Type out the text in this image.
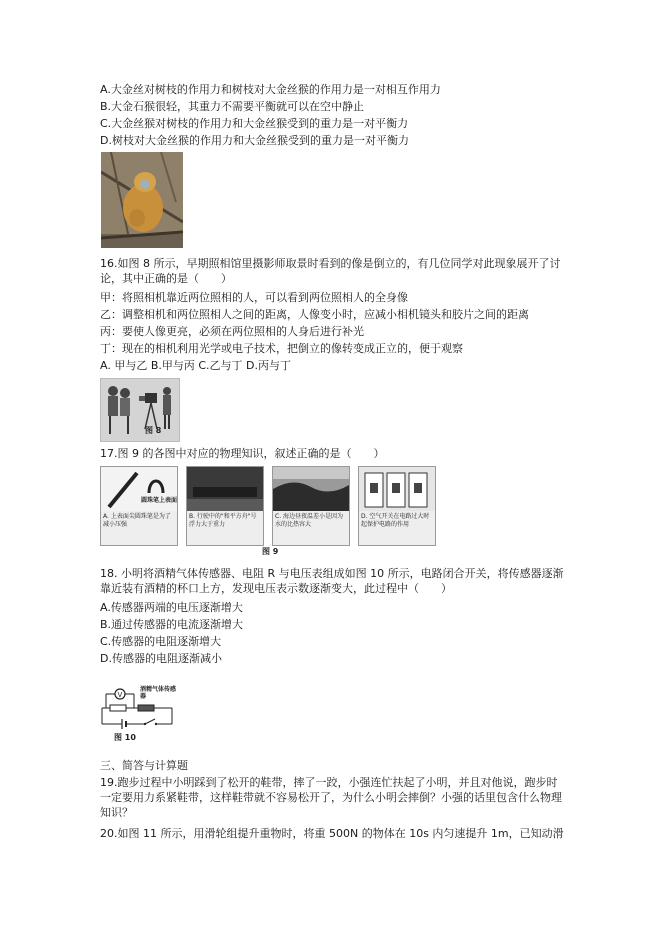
A.大金丝对树枝的作用力和树枝对大金丝猴的作用力是一对相互作用力
B.大金石猴很轻，其重力不需要平衡就可以在空中静止
C.大金丝猴对树枝的作用力和大金丝猴受到的重力是一对平衡力
D.树枝对大金丝猴的作用力和大金丝猴受到的重力是一对平衡力
16.如图 8 所示，早期照相馆里摄影师取景时看到的像是倒立的，有几位同学对此现象展开了讨论，其中正确的是（　　）
甲：将照相机靠近两位照相的人，可以看到两位照相人的全身像
乙：调整相机和两位照相人之间的距离，人像变小时，应减小相机镜头和胶片之间的距离
丙：要使人像更亮，必须在两位照相的人身后进行补光
丁：现在的相机利用光学或电子技术，把倒立的像转变成正立的，便于观察
A. 甲与乙 B.甲与丙 C.乙与丁 D.丙与丁
图 8
17.图 9 的各图中对应的物理知识，叙述正确的是（　　）
圆珠笔上表面
A. 上表面尖圆珠笔是为了减小压强
B. 行驶中的"和平方舟"号浮力大于重力
C. 海边昼夜温差小是因为水的比热容大
D. 空气开关在电路过大时起保护电路的作用
图 9
18. 小明将酒精气体传感器、电阻 R 与电压表组成如图 10 所示，电路闭合开关，将传感器逐渐靠近装有酒精的杯口上方，发现电压表示数逐渐变大，此过程中（　　）
A.传感器两端的电压逐渐增大
B.通过传感器的电流逐渐增大
C.传感器的电阻逐渐增大
D.传感器的电阻逐渐减小
V
酒精气体传感器
图 10
三、简答与计算题
19.跑步过程中小明踩到了松开的鞋带，摔了一跤，小强连忙扶起了小明，并且对他说，跑步时一定要用力系紧鞋带，这样鞋带就不容易松开了，为什么小明会摔倒？小强的话里包含什么物理知识？
20.如图 11 所示，用滑轮组提升重物时，将重 500N 的物体在 10s 内匀速提升 1m，已知动滑
